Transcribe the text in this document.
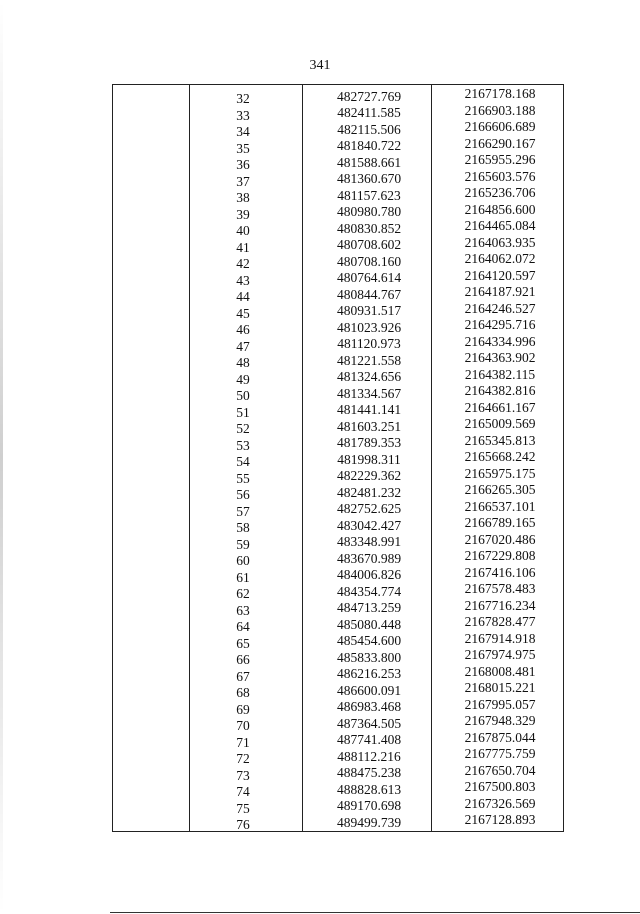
341
32	482727.769	2167178.168
33	482411.585	2166903.188
34	482115.506	2166606.689
35	481840.722	2166290.167
36	481588.661	2165955.296
37	481360.670	2165603.576
38	481157.623	2165236.706
39	480980.780	2164856.600
40	480830.852	2164465.084
41	480708.602	2164063.935
42	480708.160	2164062.072
43	480764.614	2164120.597
44	480844.767	2164187.921
45	480931.517	2164246.527
46	481023.926	2164295.716
47	481120.973	2164334.996
48	481221.558	2164363.902
49	481324.656	2164382.115
50	481334.567	2164382.816
51	481441.141	2164661.167
52	481603.251	2165009.569
53	481789.353	2165345.813
54	481998.311	2165668.242
55	482229.362	2165975.175
56	482481.232	2166265.305
57	482752.625	2166537.101
58	483042.427	2166789.165
59	483348.991	2167020.486
60	483670.989	2167229.808
61	484006.826	2167416.106
62	484354.774	2167578.483
63	484713.259	2167716.234
64	485080.448	2167828.477
65	485454.600	2167914.918
66	485833.800	2167974.975
67	486216.253	2168008.481
68	486600.091	2168015.221
69	486983.468	2167995.057
70	487364.505	2167948.329
71	487741.408	2167875.044
72	488112.216	2167775.759
73	488475.238	2167650.704
74	488828.613	2167500.803
75	489170.698	2167326.569
76	489499.739	2167128.893
